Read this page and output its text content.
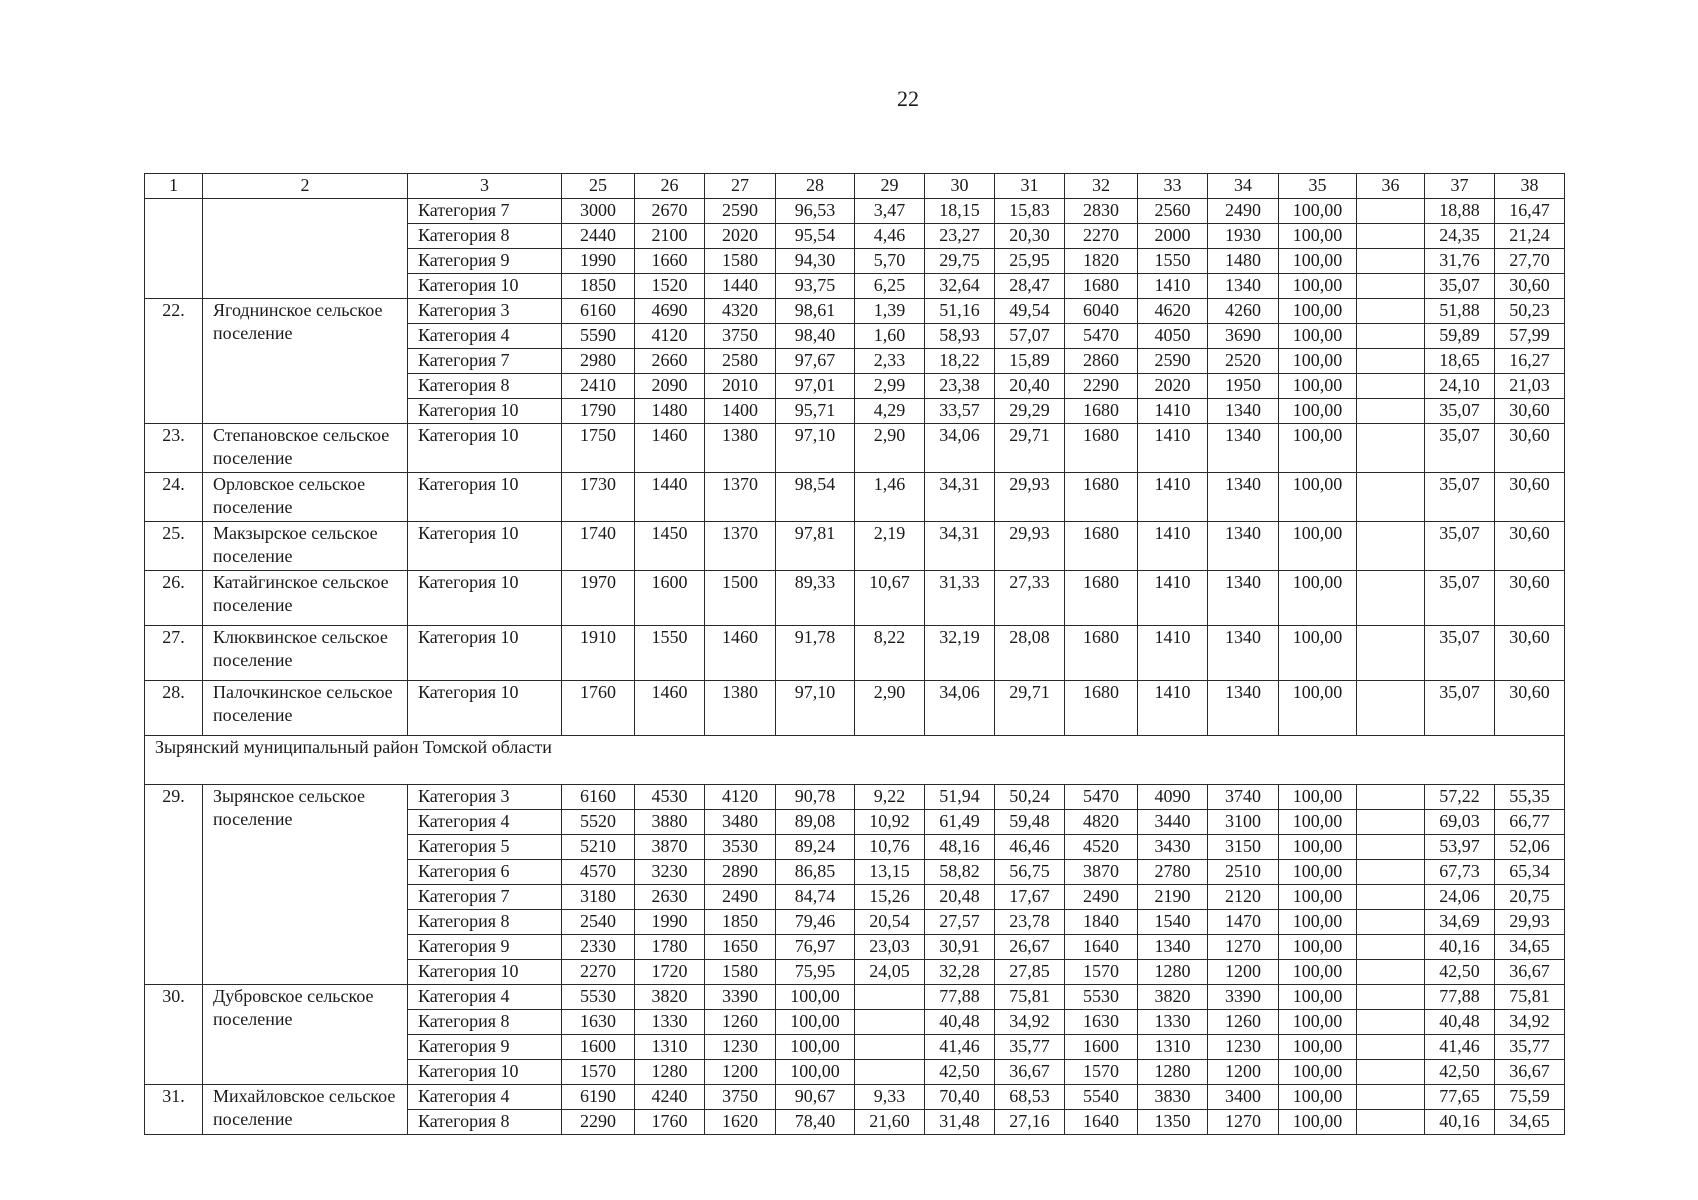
22
1	2	3	25	26	27	28	29	30	31	32	33	34	35	36	37	38
		Категория 7	3000	2670	2590	96,53	3,47	18,15	15,83	2830	2560	2490	100,00		18,88	16,47
		Категория 8	2440	2100	2020	95,54	4,46	23,27	20,30	2270	2000	1930	100,00		24,35	21,24
		Категория 9	1990	1660	1580	94,30	5,70	29,75	25,95	1820	1550	1480	100,00		31,76	27,70
		Категория 10	1850	1520	1440	93,75	6,25	32,64	28,47	1680	1410	1340	100,00		35,07	30,60
22.	Ягоднинское сельское поселение	Категория 3	6160	4690	4320	98,61	1,39	51,16	49,54	6040	4620	4260	100,00		51,88	50,23
		Категория 4	5590	4120	3750	98,40	1,60	58,93	57,07	5470	4050	3690	100,00		59,89	57,99
		Категория 7	2980	2660	2580	97,67	2,33	18,22	15,89	2860	2590	2520	100,00		18,65	16,27
		Категория 8	2410	2090	2010	97,01	2,99	23,38	20,40	2290	2020	1950	100,00		24,10	21,03
		Категория 10	1790	1480	1400	95,71	4,29	33,57	29,29	1680	1410	1340	100,00		35,07	30,60
23.	Степановское сельское поселение	Категория 10	1750	1460	1380	97,10	2,90	34,06	29,71	1680	1410	1340	100,00		35,07	30,60
24.	Орловское сельское поселение	Категория 10	1730	1440	1370	98,54	1,46	34,31	29,93	1680	1410	1340	100,00		35,07	30,60
25.	Макзырское сельское поселение	Категория 10	1740	1450	1370	97,81	2,19	34,31	29,93	1680	1410	1340	100,00		35,07	30,60
26.	Катайгинское сельское поселение	Категория 10	1970	1600	1500	89,33	10,67	31,33	27,33	1680	1410	1340	100,00		35,07	30,60
27.	Клюквинское сельское поселение	Категория 10	1910	1550	1460	91,78	8,22	32,19	28,08	1680	1410	1340	100,00		35,07	30,60
28.	Палочкинское сельское поселение	Категория 10	1760	1460	1380	97,10	2,90	34,06	29,71	1680	1410	1340	100,00		35,07	30,60
Зырянский муниципальный район Томской области																
29.	Зырянское сельское поселение	Категория 3	6160	4530	4120	90,78	9,22	51,94	50,24	5470	4090	3740	100,00		57,22	55,35
		Категория 4	5520	3880	3480	89,08	10,92	61,49	59,48	4820	3440	3100	100,00		69,03	66,77
		Категория 5	5210	3870	3530	89,24	10,76	48,16	46,46	4520	3430	3150	100,00		53,97	52,06
		Категория 6	4570	3230	2890	86,85	13,15	58,82	56,75	3870	2780	2510	100,00		67,73	65,34
		Категория 7	3180	2630	2490	84,74	15,26	20,48	17,67	2490	2190	2120	100,00		24,06	20,75
		Категория 8	2540	1990	1850	79,46	20,54	27,57	23,78	1840	1540	1470	100,00		34,69	29,93
		Категория 9	2330	1780	1650	76,97	23,03	30,91	26,67	1640	1340	1270	100,00		40,16	34,65
		Категория 10	2270	1720	1580	75,95	24,05	32,28	27,85	1570	1280	1200	100,00		42,50	36,67
30.	Дубровское сельское поселение	Категория 4	5530	3820	3390	100,00		77,88	75,81	5530	3820	3390	100,00		77,88	75,81
		Категория 8	1630	1330	1260	100,00		40,48	34,92	1630	1330	1260	100,00		40,48	34,92
		Категория 9	1600	1310	1230	100,00		41,46	35,77	1600	1310	1230	100,00		41,46	35,77
		Категория 10	1570	1280	1200	100,00		42,50	36,67	1570	1280	1200	100,00		42,50	36,67
31.	Михайловское сельское поселение	Категория 4	6190	4240	3750	90,67	9,33	70,40	68,53	5540	3830	3400	100,00		77,65	75,59
		Категория 8	2290	1760	1620	78,40	21,60	31,48	27,16	1640	1350	1270	100,00		40,16	34,65
